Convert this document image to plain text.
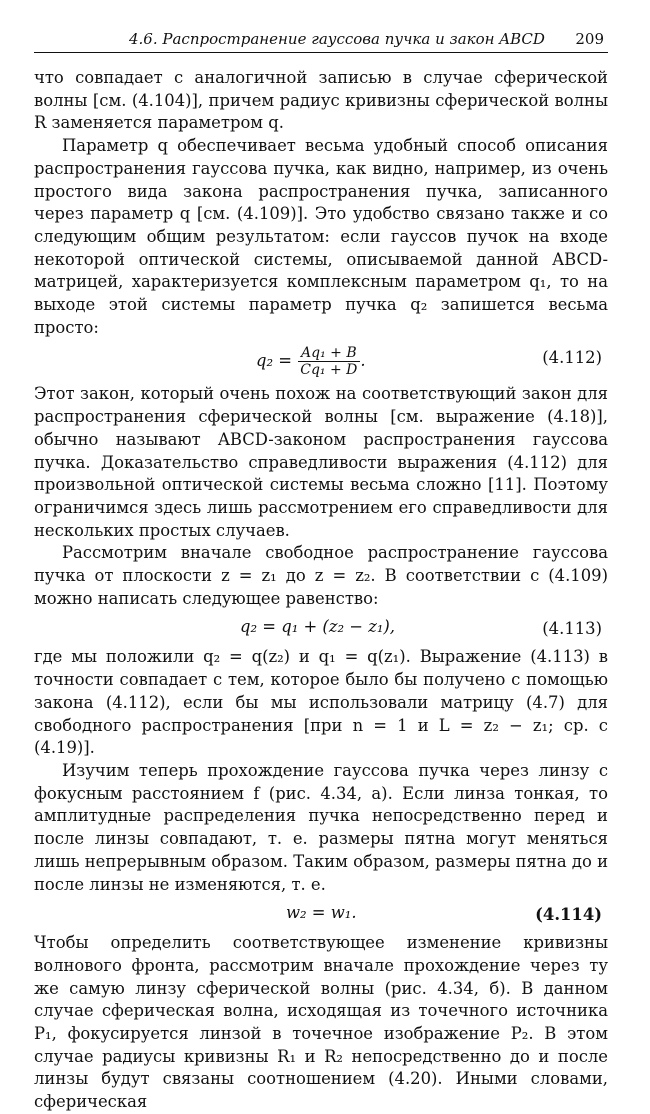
4.6. Распространение гауссова пучка и закон ABCD 209

что совпадает с аналогичной записью в случае сферической волны [см. (4.104)], причем радиус кривизны сферической волны R заменяется параметром q.

Параметр q обеспечивает весьма удобный способ описания распространения гауссова пучка, как видно, например, из очень простого вида закона распространения пучка, записанного через параметр q [см. (4.109)]. Это удобство связано также и со следующим общим результатом: если гауссов пучок на входе некоторой оптической системы, описываемой данной ABCD-матрицей, характеризуется комплексным параметром q₁, то на выходе этой системы параметр пучка q₂ запишется весьма просто:

$q_2 = \frac{\text{Aq₁ + B}}{\text{Cq₁ + D}}$ .	(4.112)

Этот закон, который очень похож на соответствующий закон для распространения сферической волны [см. выражение (4.18)], обычно называют ABCD-законом распространения гауссова пучка. Доказательство справедливости выражения (4.112) для произвольной оптической системы весьма сложно [11]. Поэтому ограничимся здесь лишь рассмотрением его справедливости для нескольких простых случаев.

Рассмотрим вначале свободное распространение гауссова пучка от плоскости z = z₁ до z = z₂. В соответствии с (4.109) можно написать следующее равенство:

q₂ = q₁ + (z₂ − z₁),	(4.113)

где мы положили q₂ = q(z₂) и q₁ = q(z₁). Выражение (4.113) в точности совпадает с тем, которое было бы получено с помощью закона (4.112), если бы мы использовали матрицу (4.7) для свободного распространения [при n = 1 и L = z₂ − z₁; ср. с (4.19)].

Изучим теперь прохождение гауссова пучка через линзу с фокусным расстоянием f (рис. 4.34, а). Если линза тонкая, то амплитудные распределения пучка непосредственно перед и после линзы совпадают, т. е. размеры пятна могут меняться лишь непрерывным образом. Таким образом, размеры пятна до и после линзы не изменяются, т. е.

w₂ = w₁.	(4.114)

Чтобы определить соответствующее изменение кривизны волнового фронта, рассмотрим вначале прохождение через ту же самую линзу сферической волны (рис. 4.34, б). В данном случае сферическая волна, исходящая из точечного источника P₁, фокусируется линзой в точечное изображение P₂. В этом случае радиусы кривизны R₁ и R₂ непосредственно до и после линзы будут связаны соотношением (4.20). Иными словами, сферическая
